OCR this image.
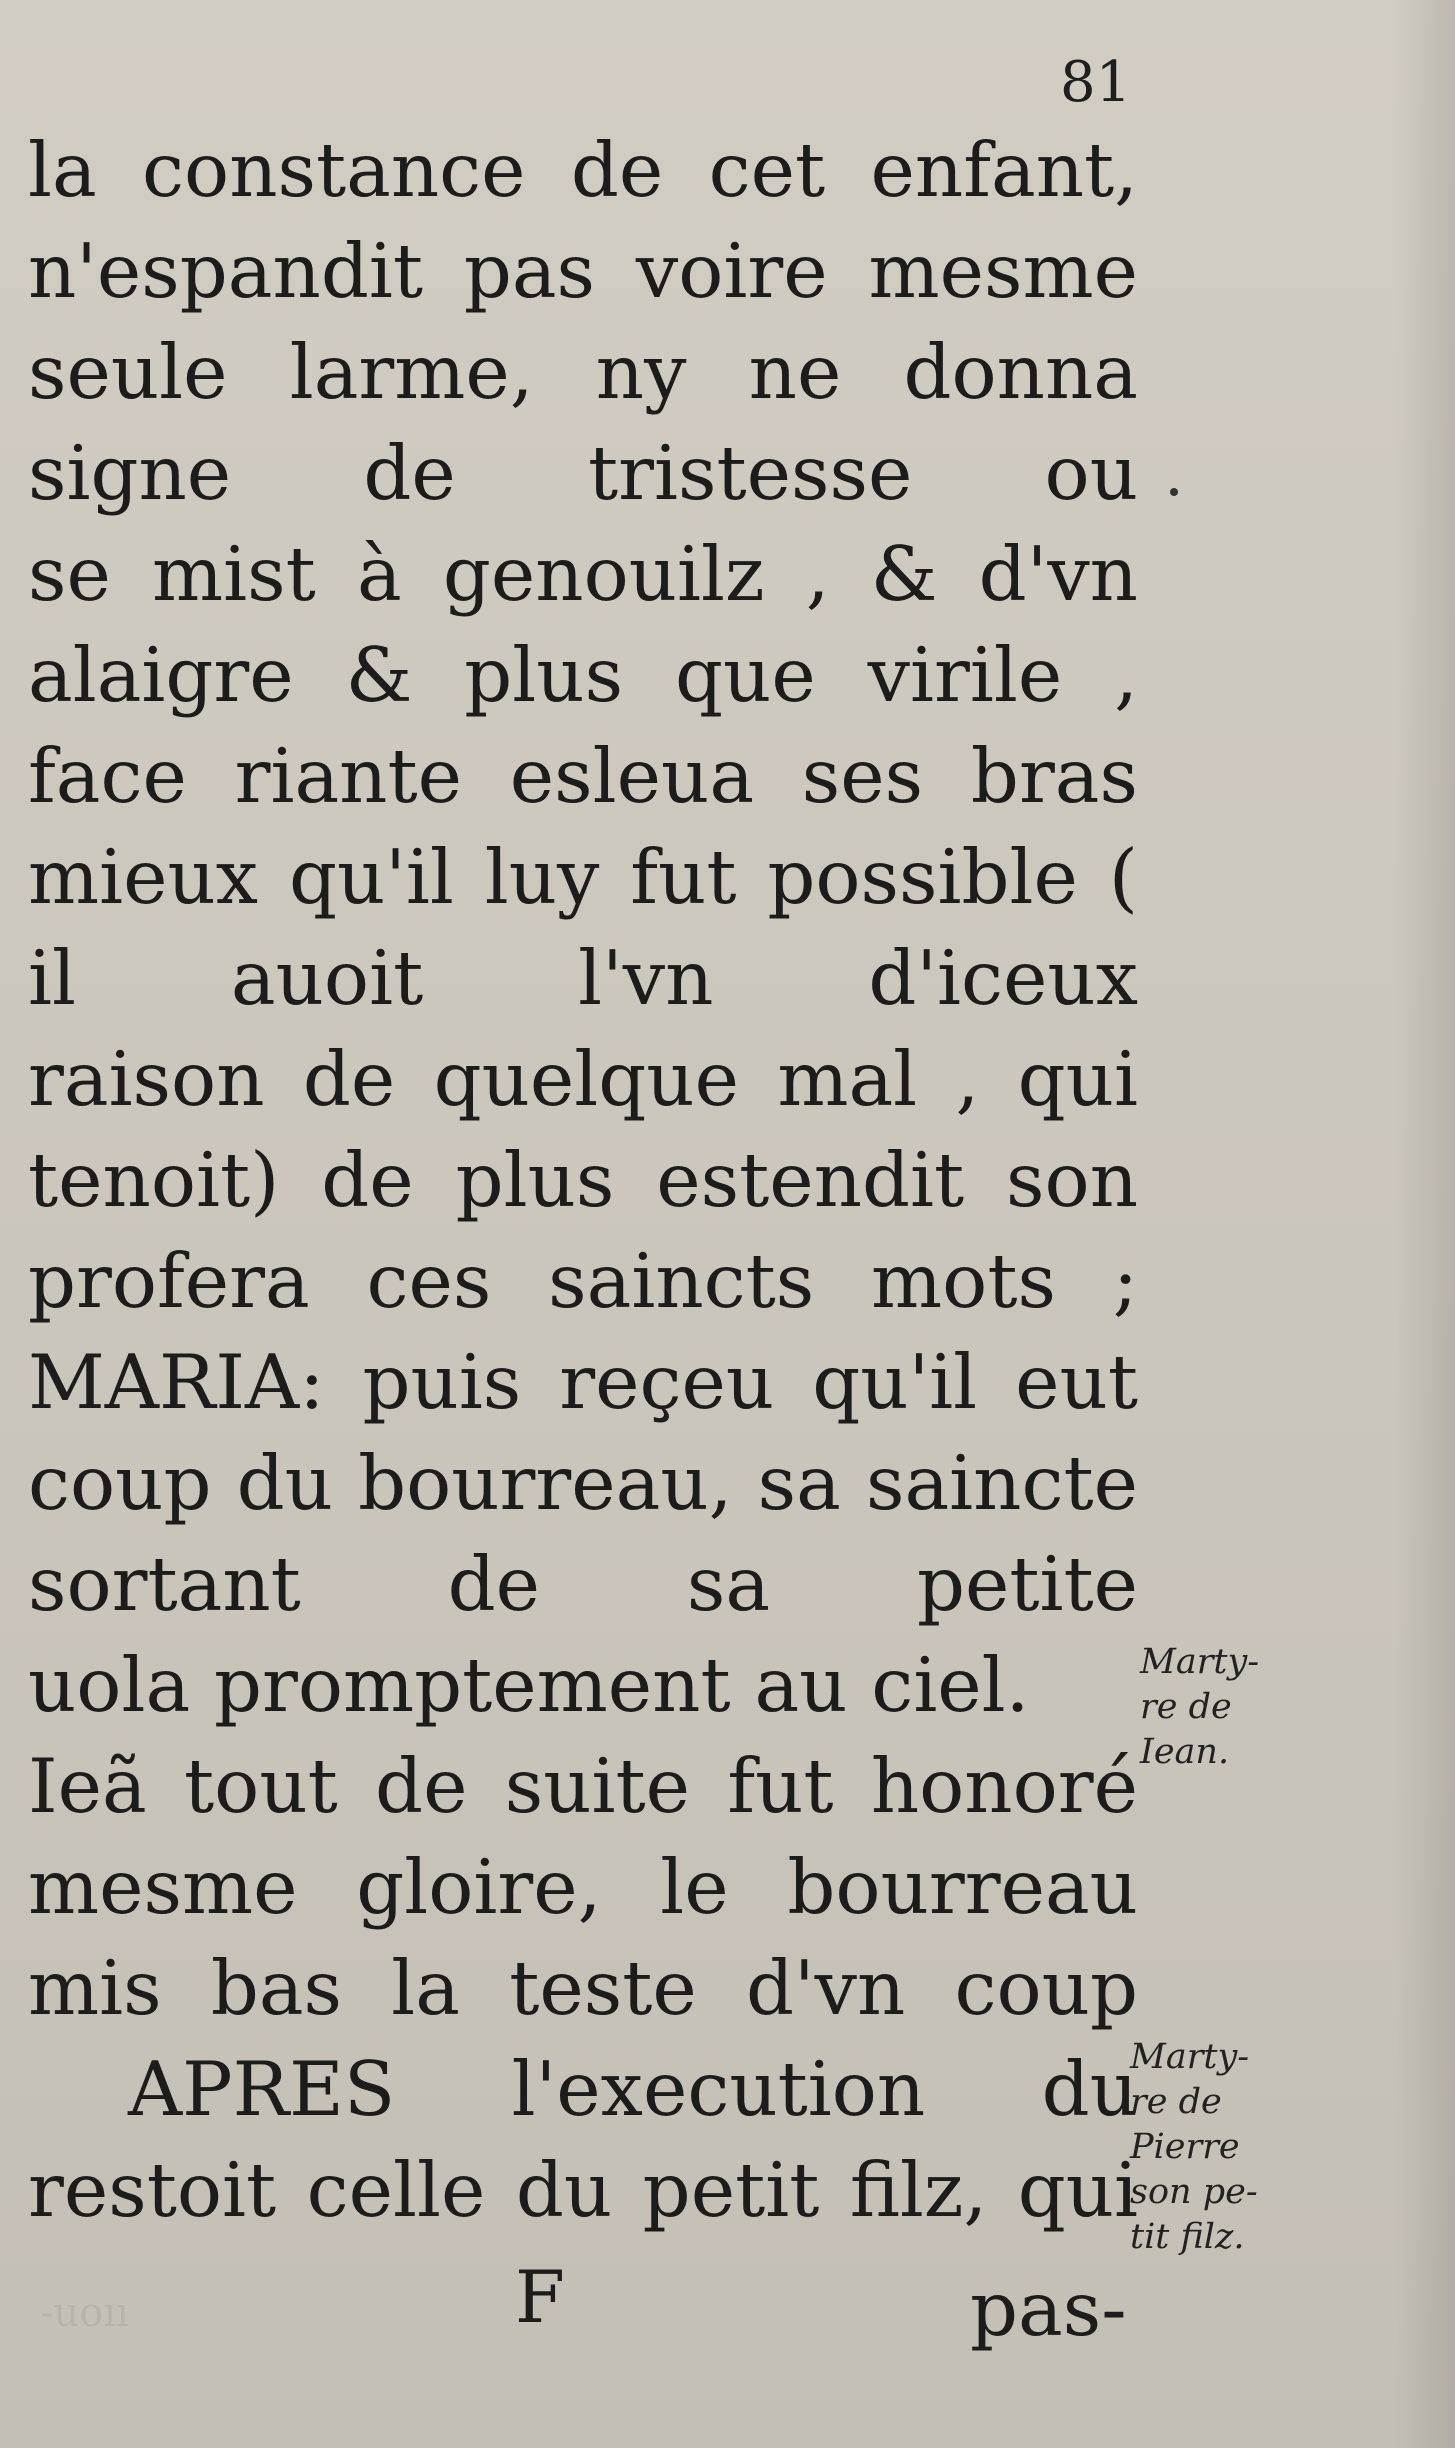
81
la constance de cet enfant,
n'espandit pas voire mesme
seule larme, ny ne donna
signe de tristesse ou
se mist à genouilz , & d'vn
alaigre & plus que virile ,
face riante esleua ses bras
mieux qu'il luy fut possible (
il auoit l'vn d'iceux
raison de quelque mal , qui
tenoit) de plus estendit son
profera ces saincts mots ;
MARIA: puis reçeu qu'il eut
coup du bourreau, sa saincte
sortant de sa petite
uola promptement au ciel.
Ieã tout de suite fut honoré
mesme gloire, le bourreau
mis bas la teste d'vn coup
APRES l'execution du
restoit celle du petit filz, qui
Marty-
re de
Iean.
Marty-
re de
Pierre
son pe-
tit filz.
-uoıı	F	pas-
